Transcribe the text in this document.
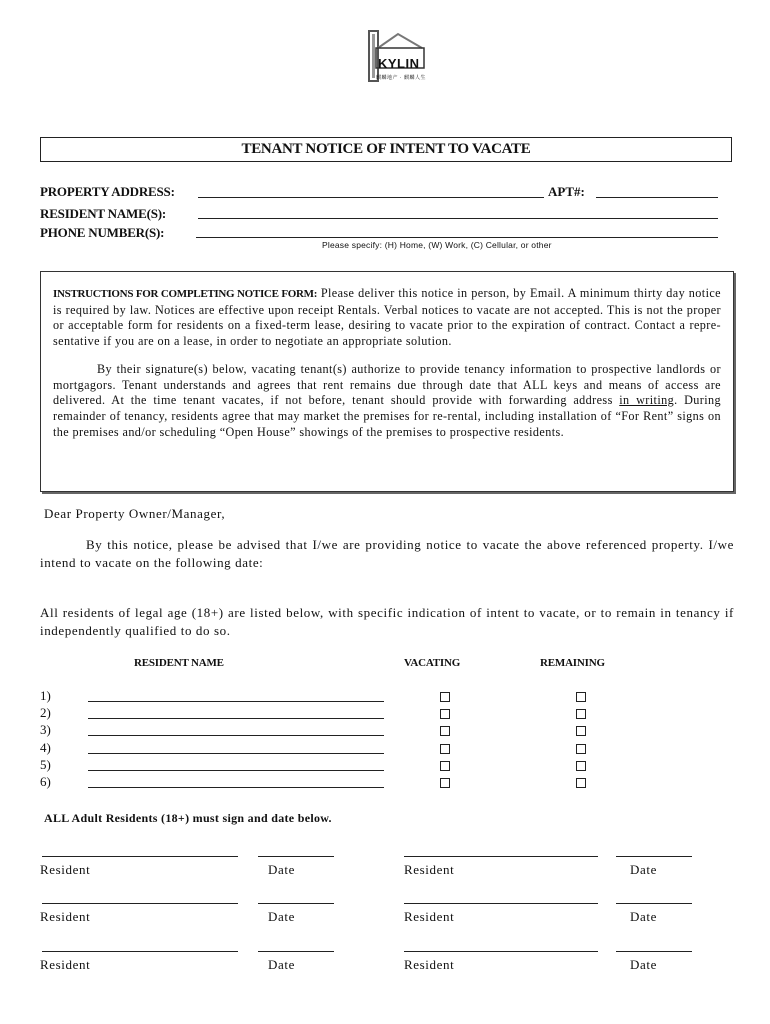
KYLIN
麒麟地产 · 麒麟人生
TENANT NOTICE OF INTENT TO VACATE
PROPERTY ADDRESS:	APT#:
RESIDENT NAME(S):
PHONE NUMBER(S):
Please specify: (H) Home, (W) Work, (C) Cellular, or other

INSTRUCTIONS FOR COMPLETING NOTICE FORM: Please deliver this notice in person, by Email. A minimum thirty day notice is required by law. Notices are effective upon receipt Rentals. Verbal notices to vacate are not accepted. This is not the proper or acceptable form for residents on a fixed-term lease, desiring to vacate prior to the expiration of contract. Contact a repre-sentative if you are on a lease, in order to negotiate an appropriate solution.

By their signature(s) below, vacating tenant(s) authorize to provide tenancy information to prospective landlords or mortgagors. Tenant understands and agrees that rent remains due through date that ALL keys and means of access are delivered. At the time tenant vacates, if not before, tenant should provide with forwarding address in writing. During remainder of tenancy, residents agree that may market the premises for re-rental, including installation of “For Rent” signs on the premises and/or scheduling “Open House” showings of the premises to prospective residents.

Dear Property Owner/Manager,
By this notice, please be advised that I/we are providing notice to vacate the above referenced property. I/we intend to vacate on the following date:
All residents of legal age (18+) are listed below, with specific indication of intent to vacate, or to remain in tenancy if independently qualified to do so.
RESIDENT NAME	VACATING	REMAINING
1)
2)
3)
4)
5)
6)
ALL Adult Residents (18+) must sign and date below.
Resident	Date	Resident	Date
Resident	Date	Resident	Date
Resident	Date	Resident	Date
